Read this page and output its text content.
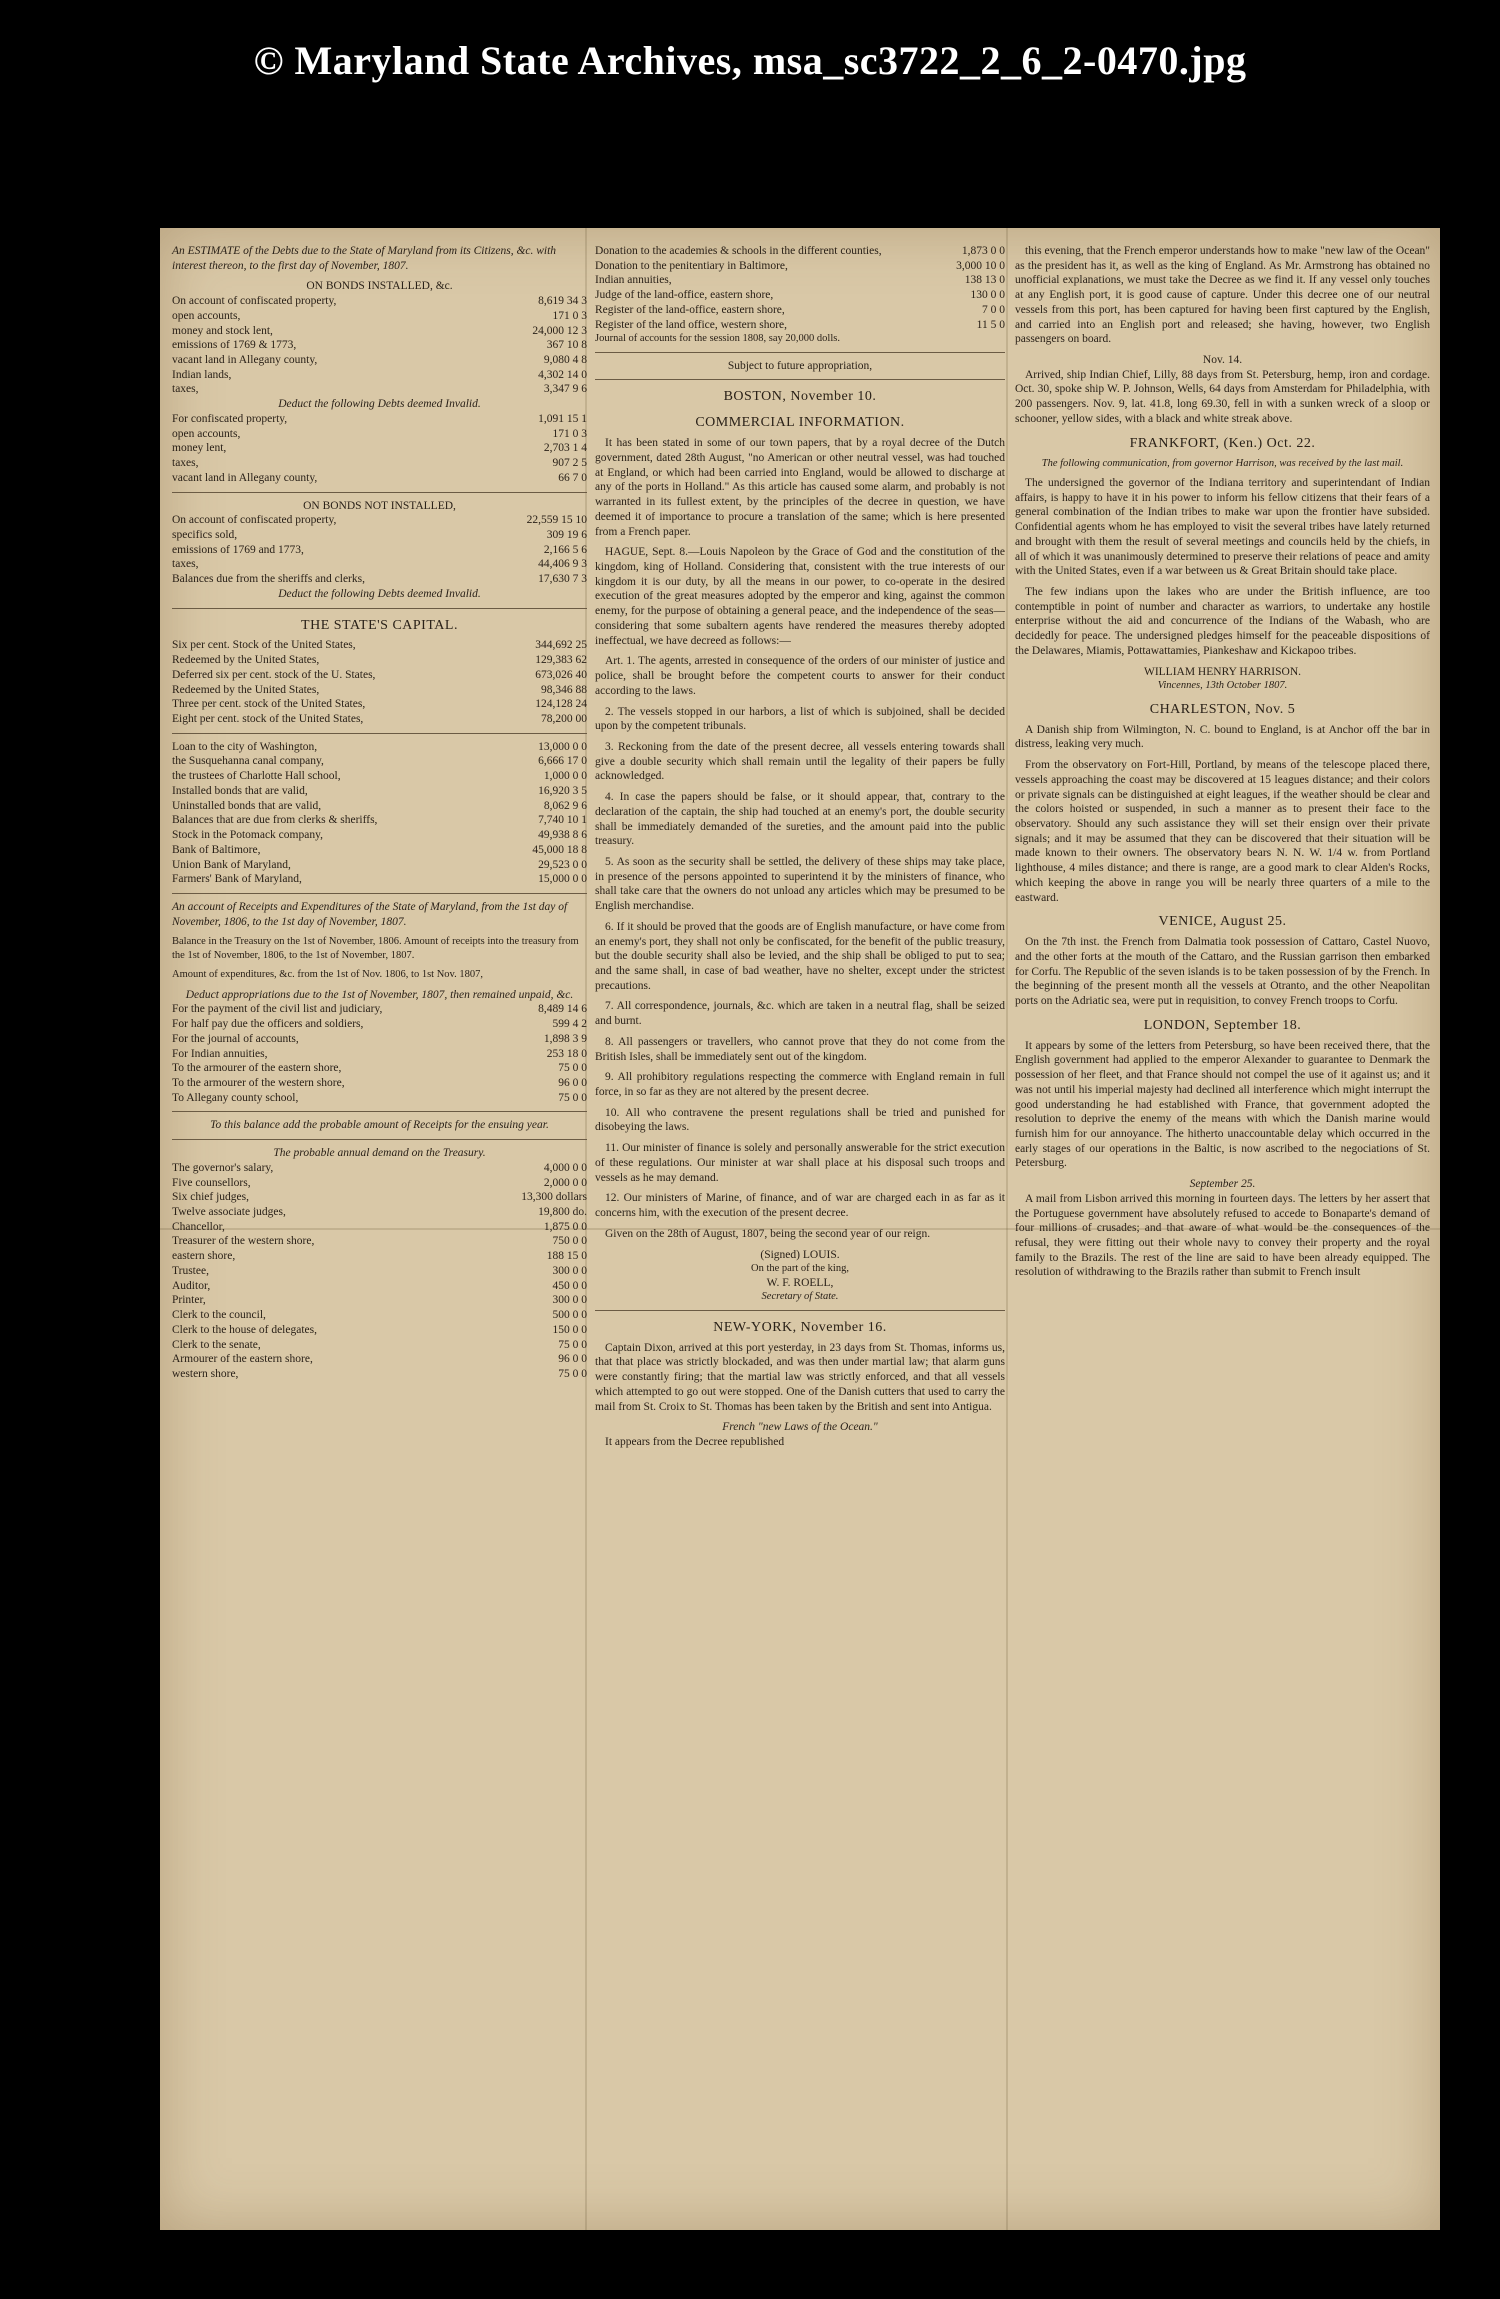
© Maryland State Archives, msa_sc3722_2_6_2-0470.jpg
An ESTIMATE of the Debts due to the State of Maryland from its Citizens, &c. with interest thereon, to the first day of November, 1807.
ON BONDS INSTALLED, &c.
On account of confiscated property,	8,619 34 3
open accounts,	171 0 3
money and stock lent,	24,000 12 3
emissions of 1769 & 1773,	367 10 8
vacant land in Allegany county,	9,080 4 8
Indian lands,	4,302 14 0
taxes,	3,347 9 6
Deduct the following Debts deemed Invalid.
For confiscated property,	1,091 15 1
open accounts,	171 0 3
money lent,	2,703 1 4
taxes,	907 2 5
vacant land in Allegany county,	66 7 0
ON BONDS NOT INSTALLED,
On account of confiscated property,	22,559 15 10
specifics sold,	309 19 6
emissions of 1769 and 1773,	2,166 5 6
taxes,	44,406 9 3
Balances due from the sheriffs and clerks,	17,630 7 3
Deduct the following Debts deemed Invalid.
THE STATE'S CAPITAL.
Six per cent. Stock of the United States,	344,692 25
Redeemed by the United States,	129,383 62
Deferred six per cent. stock of the U. States,	673,026 40
Redeemed by the United States,	98,346 88
Three per cent. stock of the United States,	124,128 24
Eight per cent. stock of the United States,	78,200 00
Loan to the city of Washington,	13,000 0 0
the Susquehanna canal company,	6,666 17 0
the trustees of Charlotte Hall school,	1,000 0 0
Installed bonds that are valid,	16,920 3 5
Uninstalled bonds that are valid,	8,062 9 6
Balances that are due from clerks & sheriffs,	7,740 10 1
Stock in the Potomack company,	49,938 8 6
Bank of Baltimore,	45,000 18 8
Union Bank of Maryland,	29,523 0 0
Farmers' Bank of Maryland,	15,000 0 0
An account of Receipts and Expenditures of the State of Maryland, from the 1st day of November, 1806, to the 1st day of November, 1807.
Balance in the Treasury on the 1st of November, 1806. Amount of receipts into the treasury from the 1st of November, 1806, to the 1st of November, 1807.
Amount of expenditures, &c. from the 1st of Nov. 1806, to 1st Nov. 1807,
Deduct appropriations due to the 1st of November, 1807, then remained unpaid, &c.
For the payment of the civil list and judiciary,	8,489 14 6
For half pay due the officers and soldiers,	599 4 2
For the journal of accounts,	1,898 3 9
For Indian annuities,	253 18 0
To the armourer of the eastern shore,	75 0 0
To the armourer of the western shore,	96 0 0
To Allegany county school,	75 0 0
To this balance add the probable amount of Receipts for the ensuing year.
The probable annual demand on the Treasury.
The governor's salary,	4,000 0 0
Five counsellors,	2,000 0 0
Six chief judges,	13,300 dollars
Twelve associate judges,	19,800 do.
Chancellor,	1,875 0 0
Treasurer of the western shore,	750 0 0
eastern shore,	188 15 0
Trustee,	300 0 0
Auditor,	450 0 0
Printer,	300 0 0
Clerk to the council,	500 0 0
Clerk to the house of delegates,	150 0 0
Clerk to the senate,	75 0 0
Armourer of the eastern shore,	96 0 0
western shore,	75 0 0
Donation to the academies & schools in the different counties,	1,873 0 0
Donation to the penitentiary in Baltimore,	3,000 10 0
Indian annuities,	138 13 0
Judge of the land-office, eastern shore,	130 0 0
Register of the land-office, eastern shore,	7 0 0
Register of the land office, western shore,	11 5 0
Journal of accounts for the session 1808, say 20,000 dolls.
Subject to future appropriation,
BOSTON, November 10.

COMMERCIAL INFORMATION.

It has been stated in some of our town papers, that by a royal decree of the Dutch government, dated 28th August, "no American or other neutral vessel, was had touched at England, or which had been carried into England, would be allowed to discharge at any of the ports in Holland." As this article has caused some alarm, and probably is not warranted in its fullest extent, by the principles of the decree in question, we have deemed it of importance to procure a translation of the same; which is here presented from a French paper.

HAGUE, Sept. 8.—Louis Napoleon by the Grace of God and the constitution of the kingdom, king of Holland. Considering that, consistent with the true interests of our kingdom it is our duty, by all the means in our power, to co-operate in the desired execution of the great measures adopted by the emperor and king, against the common enemy, for the purpose of obtaining a general peace, and the independence of the seas—considering that some subaltern agents have rendered the measures thereby adopted ineffectual, we have decreed as follows:—

Art. 1. The agents, arrested in consequence of the orders of our minister of justice and police, shall be brought before the competent courts to answer for their conduct according to the laws.

2. The vessels stopped in our harbors, a list of which is subjoined, shall be decided upon by the competent tribunals.

3. Reckoning from the date of the present decree, all vessels entering towards shall give a double security which shall remain until the legality of their papers be fully acknowledged.

4. In case the papers should be false, or it should appear, that, contrary to the declaration of the captain, the ship had touched at an enemy's port, the double security shall be immediately demanded of the sureties, and the amount paid into the public treasury.

5. As soon as the security shall be settled, the delivery of these ships may take place, in presence of the persons appointed to superintend it by the ministers of finance, who shall take care that the owners do not unload any articles which may be presumed to be English merchandise.

6. If it should be proved that the goods are of English manufacture, or have come from an enemy's port, they shall not only be confiscated, for the benefit of the public treasury, but the double security shall also be levied, and the ship shall be obliged to put to sea; and the same shall, in case of bad weather, have no shelter, except under the strictest precautions.

7. All correspondence, journals, &c. which are taken in a neutral flag, shall be seized and burnt.

8. All passengers or travellers, who cannot prove that they do not come from the British Isles, shall be immediately sent out of the kingdom.

9. All prohibitory regulations respecting the commerce with England remain in full force, in so far as they are not altered by the present decree.

10. All who contravene the present regulations shall be tried and punished for disobeying the laws.

11. Our minister of finance is solely and personally answerable for the strict execution of these regulations. Our minister at war shall place at his disposal such troops and vessels as he may demand.

12. Our ministers of Marine, of finance, and of war are charged each in as far as it concerns him, with the execution of the present decree.

Given on the 28th of August, 1807, being the second year of our reign.

(Signed) LOUIS.
On the part of the king,
W. F. ROELL,
Secretary of State.
NEW-YORK, November 16.

Captain Dixon, arrived at this port yesterday, in 23 days from St. Thomas, informs us, that that place was strictly blockaded, and was then under martial law; that alarm guns were constantly firing; that the martial law was strictly enforced, and that all vessels which attempted to go out were stopped. One of the Danish cutters that used to carry the mail from St. Croix to St. Thomas has been taken by the British and sent into Antigua.

French "new Laws of the Ocean."

It appears from the Decree republished

this evening, that the French emperor understands how to make "new law of the Ocean" as the president has it, as well as the king of England. As Mr. Armstrong has obtained no unofficial explanations, we must take the Decree as we find it. If any vessel only touches at any English port, it is good cause of capture. Under this decree one of our neutral vessels from this port, has been captured for having been first captured by the English, and carried into an English port and released; she having, however, two English passengers on board.

Nov. 14.

Arrived, ship Indian Chief, Lilly, 88 days from St. Petersburg, hemp, iron and cordage. Oct. 30, spoke ship W. P. Johnson, Wells, 64 days from Amsterdam for Philadelphia, with 200 passengers. Nov. 9, lat. 41.8, long 69.30, fell in with a sunken wreck of a sloop or schooner, yellow sides, with a black and white streak above.

FRANKFORT, (Ken.) Oct. 22.
The following communication, from governor Harrison, was received by the last mail.

The undersigned the governor of the Indiana territory and superintendant of Indian affairs, is happy to have it in his power to inform his fellow citizens that their fears of a general combination of the Indian tribes to make war upon the frontier have subsided. Confidential agents whom he has employed to visit the several tribes have lately returned and brought with them the result of several meetings and councils held by the chiefs, in all of which it was unanimously determined to preserve their relations of peace and amity with the United States, even if a war between us & Great Britain should take place.

The few indians upon the lakes who are under the British influence, are too contemptible in point of number and character as warriors, to undertake any hostile enterprise without the aid and concurrence of the Indians of the Wabash, who are decidedly for peace. The undersigned pledges himself for the peaceable dispositions of the Delawares, Miamis, Pottawattamies, Piankeshaw and Kickapoo tribes.

WILLIAM HENRY HARRISON.
Vincennes, 13th October 1807.
CHARLESTON, Nov. 5

A Danish ship from Wilmington, N. C. bound to England, is at Anchor off the bar in distress, leaking very much.

From the observatory on Fort-Hill, Portland, by means of the telescope placed there, vessels approaching the coast may be discovered at 15 leagues distance; and their colors or private signals can be distinguished at eight leagues, if the weather should be clear and the colors hoisted or suspended, in such a manner as to present their face to the observatory. Should any such assistance they will set their ensign over their private signals; and it may be assumed that they can be discovered that their situation will be made known to their owners. The observatory bears N. N. W. 1/4 w. from Portland lighthouse, 4 miles distance; and there is range, are a good mark to clear Alden's Rocks, which keeping the above in range you will be nearly three quarters of a mile to the eastward.

VENICE, August 25.

On the 7th inst. the French from Dalmatia took possession of Cattaro, Castel Nuovo, and the other forts at the mouth of the Cattaro, and the Russian garrison then embarked for Corfu. The Republic of the seven islands is to be taken possession of by the French. In the beginning of the present month all the vessels at Otranto, and the other Neapolitan ports on the Adriatic sea, were put in requisition, to convey French troops to Corfu.

LONDON, September 18.

It appears by some of the letters from Petersburg, so have been received there, that the English government had applied to the emperor Alexander to guarantee to Denmark the possession of her fleet, and that France should not compel the use of it against us; and it was not until his imperial majesty had declined all interference which might interrupt the good understanding he had established with France, that government adopted the resolution to deprive the enemy of the means with which the Danish marine would furnish him for our annoyance. The hitherto unaccountable delay which occurred in the early stages of our operations in the Baltic, is now ascribed to the negociations of St. Petersburg.

September 25.

A mail from Lisbon arrived this morning in fourteen days. The letters by her assert that the Portuguese government have absolutely refused to accede to Bonaparte's demand of four millions of crusades; and that aware of what would be the consequences of the refusal, they were fitting out their whole navy to convey their property and the royal family to the Brazils. The rest of the line are said to have been already equipped. The resolution of withdrawing to the Brazils rather than submit to French insult
